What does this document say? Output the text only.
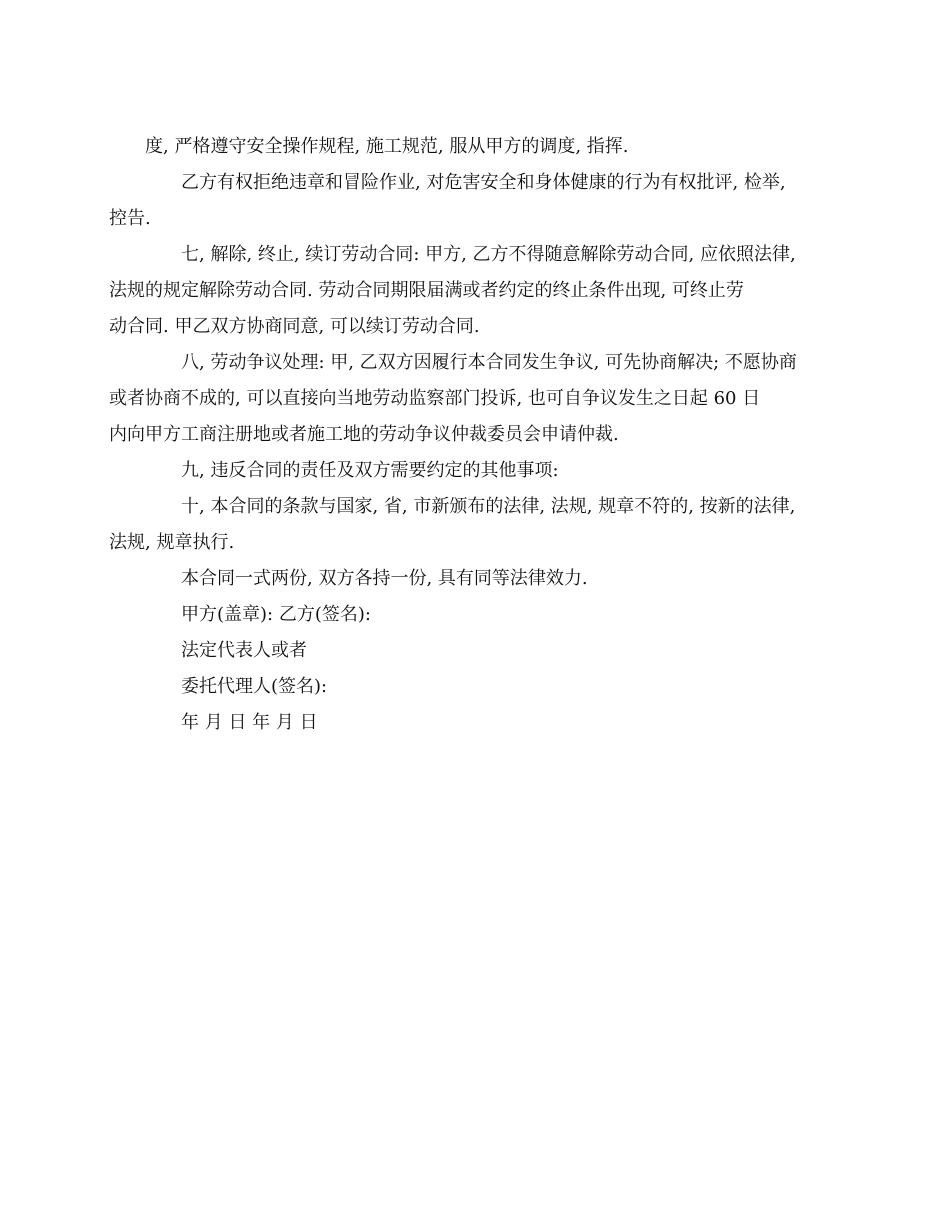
度, 严格遵守安全操作规程, 施工规范, 服从甲方的调度, 指挥.
乙方有权拒绝违章和冒险作业, 对危害安全和身体健康的行为有权批评, 检举,
控告.
七, 解除, 终止, 续订劳动合同: 甲方, 乙方不得随意解除劳动合同, 应依照法律,
法规的规定解除劳动合同. 劳动合同期限届满或者约定的终止条件出现, 可终止劳
动合同. 甲乙双方协商同意, 可以续订劳动合同.
八, 劳动争议处理: 甲, 乙双方因履行本合同发生争议, 可先协商解决; 不愿协商
或者协商不成的, 可以直接向当地劳动监察部门投诉, 也可自争议发生之日起 60 日
内向甲方工商注册地或者施工地的劳动争议仲裁委员会申请仲裁.
九, 违反合同的责任及双方需要约定的其他事项:
十, 本合同的条款与国家, 省, 市新颁布的法律, 法规, 规章不符的, 按新的法律,
法规, 规章执行.
本合同一式两份, 双方各持一份, 具有同等法律效力.
甲方(盖章): 乙方(签名):
法定代表人或者
委托代理人(签名):
年 月 日 年 月 日
